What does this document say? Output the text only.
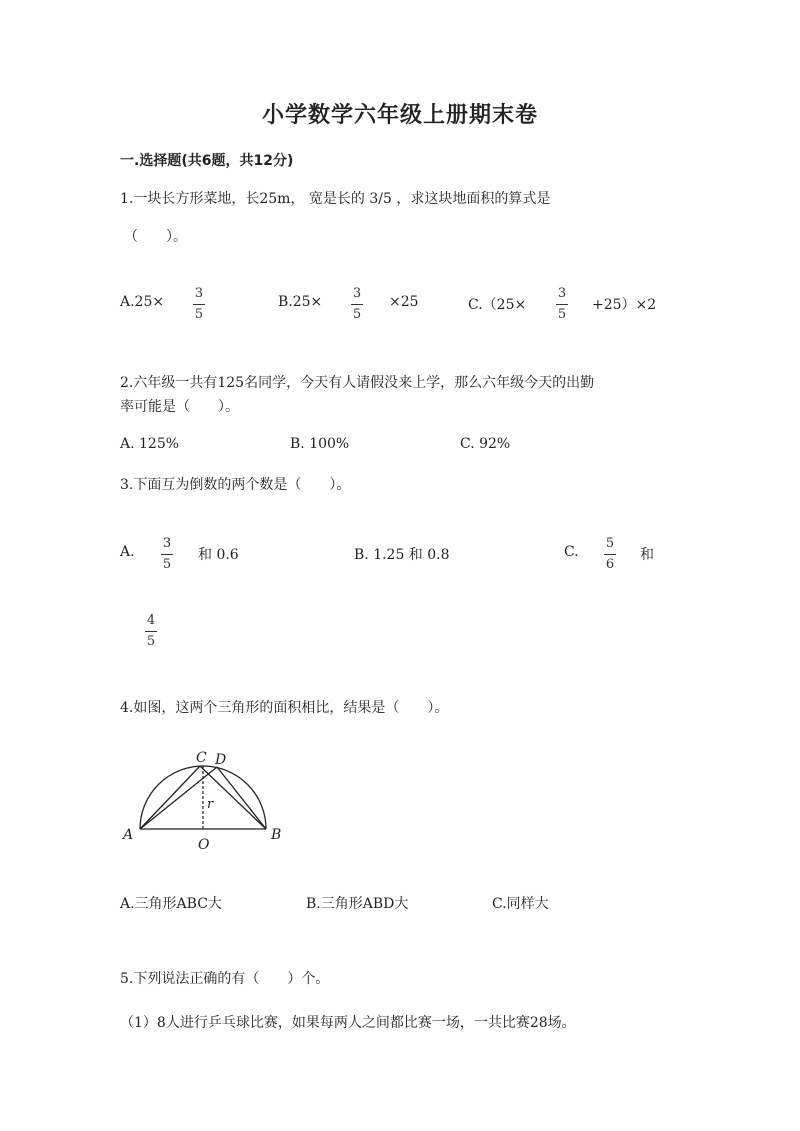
小学数学六年级上册期末卷
一.选择题(共6题，共12分)
1.一块长方形菜地，长25m， 宽是长的 3/5 ，求这块地面积的算式是
（　　）。
A.25×
3
5
B.25×
3
5
×25	C.（25×
3
5
+25）×2
2.六年级一共有125名同学，今天有人请假没来上学，那么六年级今天的出勤
率可能是（　　）。
A. 125%	B. 100%	C. 92%
3.下面互为倒数的两个数是（　　）。
A.
3
5
和 0.6	B. 1.25 和 0.8	C.
5
6
和
4
5
4.如图，这两个三角形的面积相比，结果是（　　）。
C D
A	B
O
r
A.三角形ABC大	B.三角形ABD大	C.同样大
5.下列说法正确的有（　　）个。
（1）8人进行乒乓球比赛，如果每两人之间都比赛一场，一共比赛28场。
